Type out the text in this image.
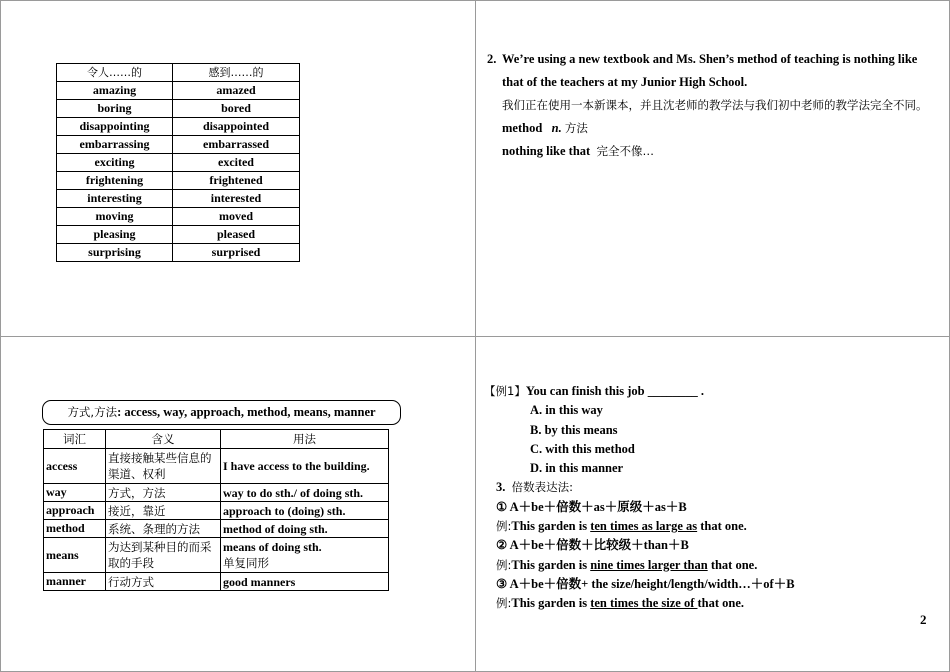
令人……的	感到……的
amazing	amazed
boring	bored
disappointing	disappointed
embarrassing	embarrassed
exciting	excited
frightening	frightened
interesting	interested
moving	moved
pleasing	pleased
surprising	surprised
2. We’re using a new textbook and Ms. Shen’s method of teaching is nothing like that of the teachers at my Junior High School.
我们正在使用一本新课本，并且沈老师的教学法与我们初中老师的教学法完全不同。
method n. 方法
nothing like that 完全不像…
方式,方法: access, way, approach, method, means, manner
词汇	含义	用法
access	直接接触某些信息的渠道、权利	I have access to the building.
way	方式，方法	way to do sth./ of doing sth.
approach	接近，靠近	approach to (doing) sth.
method	系统、条理的方法	method of doing sth.
means	为达到某种目的而采取的手段	means of doing sth.
单复同形
manner	行动方式	good manners
【例1】You can finish this job ________ .
A. in this way
B. by this means
C. with this method
D. in this manner
3. 倍数表达法:
① A＋be＋倍数＋as＋原级＋as＋B
例:This garden is ten times as large as that one.
② A＋be＋倍数＋比较级＋than＋B
例:This garden is nine times larger than that one.
③ A＋be＋倍数+ the size/height/length/width…＋of＋B
例:This garden is ten times the size of that one.
2
